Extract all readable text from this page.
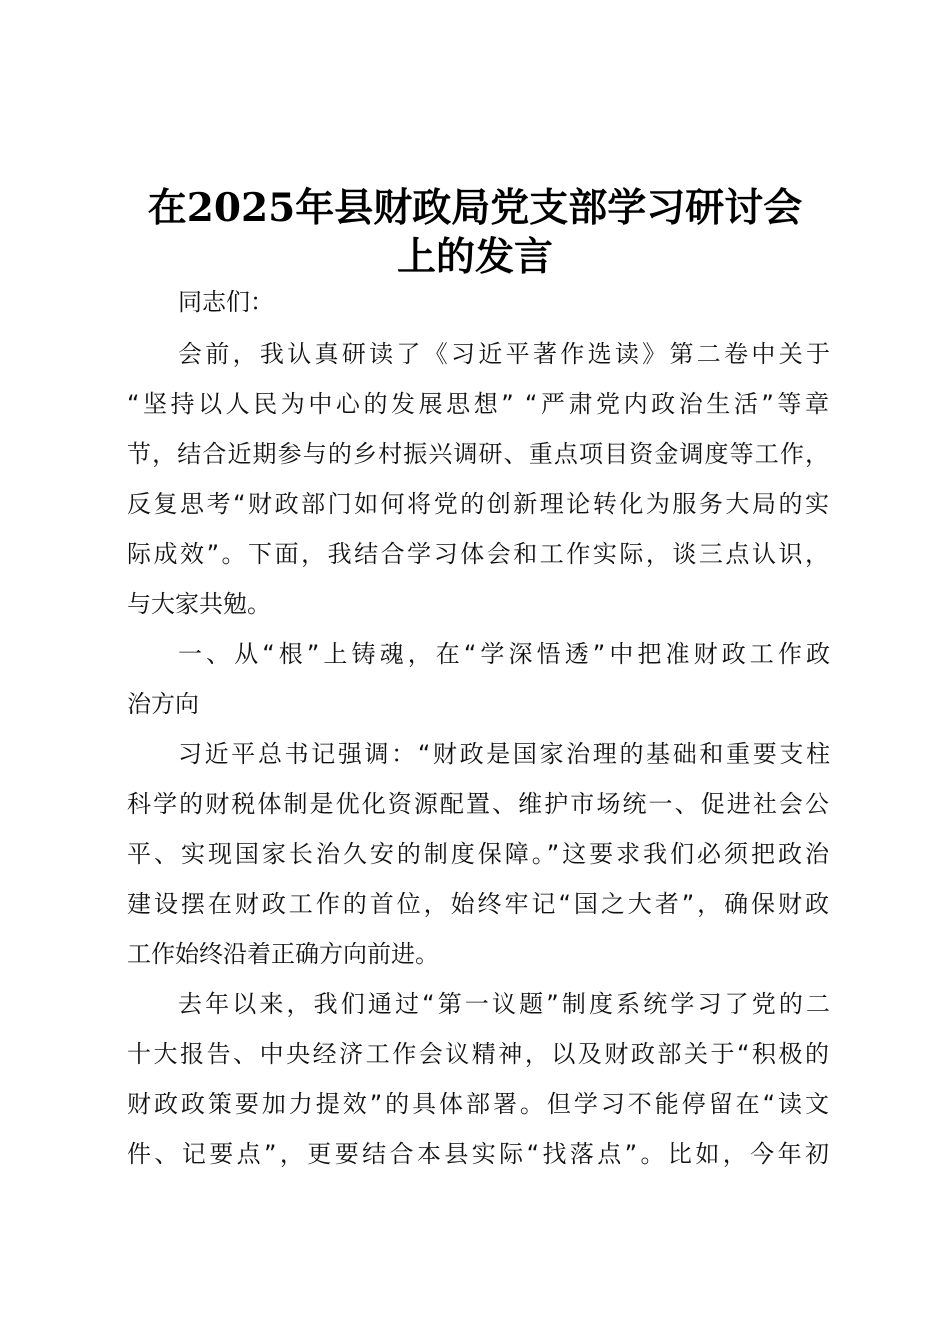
在2025年县财政局党支部学习研讨会
上的发言

同志们：

会前，我认真研读了《习近平著作选读》第二卷中关于

“坚持以人民为中心的发展思想” “严肃党内政治生活”等章

节，结合近期参与的乡村振兴调研、重点项目资金调度等工作，

反复思考“财政部门如何将党的创新理论转化为服务大局的实

际成效”。下面，我结合学习体会和工作实际，谈三点认识，

与大家共勉。

一、从“根”上铸魂，在“学深悟透”中把准财政工作政

治方向

习近平总书记强调：“财政是国家治理的基础和重要支柱

科学的财税体制是优化资源配置、维护市场统一、促进社会公

平、实现国家长治久安的制度保障。”这要求我们必须把政治

建设摆在财政工作的首位，始终牢记“国之大者”，确保财政

工作始终沿着正确方向前进。

去年以来，我们通过“第一议题”制度系统学习了党的二

十大报告、中央经济工作会议精神，以及财政部关于“积极的

财政政策要加力提效”的具体部署。但学习不能停留在“读文

件、记要点”，更要结合本县实际“找落点”。比如，今年初
